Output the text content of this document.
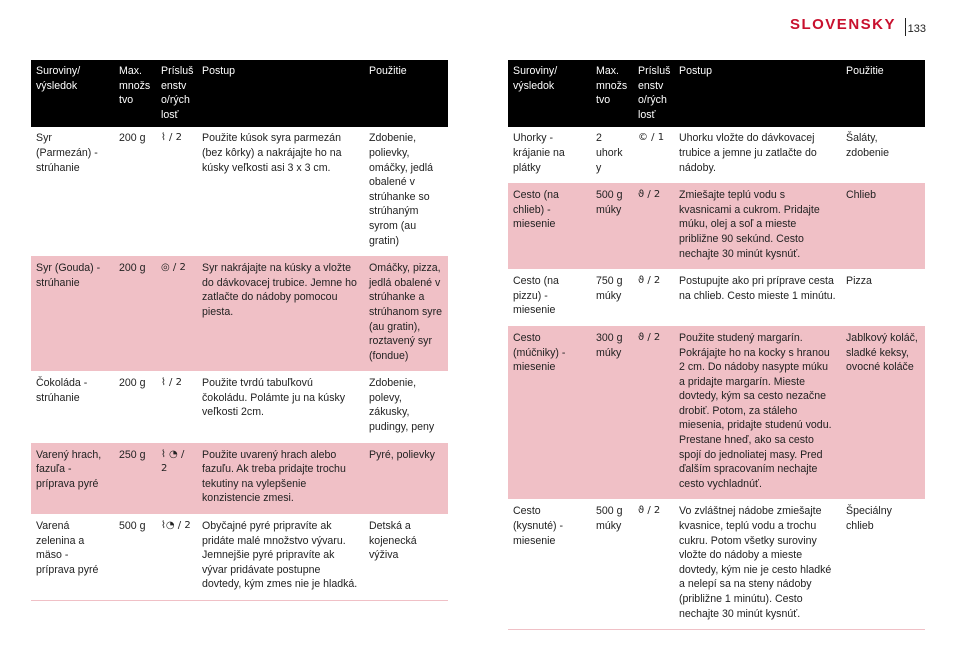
SLOVENSKY 133
Suroviny/ výsledok	Max. množs tvo	Prísluš enstv o/rých losť	Postup	Použitie
Syr (Parmezán) - strúhanie	200 g	⌇ / 2	Použite kúsok syra parmezán (bez kôrky) a nakrájajte ho na kúsky veľkosti asi 3 x 3 cm.	Zdobenie, polievky, omáčky, jedlá obalené v strúhanke so strúhaným syrom (au gratin)
Syr (Gouda) - strúhanie	200 g	◎ / 2	Syr nakrájajte na kúsky a vložte do dávkovacej trubice. Jemne ho zatlačte do nádoby pomocou piesta.	Omáčky, pizza, jedlá obalené v strúhanke a strúhanom syre (au gratin), roztavený syr (fondue)
Čokoláda - strúhanie	200 g	⌇ / 2	Použite tvrdú tabuľkovú čokoládu. Polámte ju na kúsky veľkosti 2cm.	Zdobenie, polevy, zákusky, pudingy, peny
Varený hrach, fazuľa - príprava pyré	250 g	⌇ ◔ / 2	Použite uvarený hrach alebo fazuľu. Ak treba pridajte trochu tekutiny na vylepšenie konzistencie zmesi.	Pyré, polievky
Varená zelenina a mäso - príprava pyré	500 g	⌇◔ / 2	Obyčajné pyré pripravíte ak pridáte malé množstvo vývaru. Jemnejšie pyré pripravíte ak vývar pridávate postupne dovtedy, kým zmes nie je hladká.	Detská a kojenecká výživa
Suroviny/ výsledok	Max. množs tvo	Prísluš enstv o/rých losť	Postup	Použitie
Uhorky - krájanie na plátky	2 uhork y	© / 1	Uhorku vložte do dávkovacej trubice a jemne ju zatlačte do nádoby.	Šaláty, zdobenie
Cesto (na chlieb) - miesenie	500 g múky	ϑ / 2	Zmiešajte teplú vodu s kvasnicami a cukrom. Pridajte múku, olej a soľ a mieste približne 90 sekúnd. Cesto nechajte 30 minút kysnúť.	Chlieb
Cesto (na pizzu) - miesenie	750 g múky	ϑ / 2	Postupujte ako pri príprave cesta na chlieb. Cesto mieste 1 minútu.	Pizza
Cesto (múčniky) - miesenie	300 g múky	ϑ / 2	Použite studený margarín. Pokrájajte ho na kocky s hranou 2 cm. Do nádoby nasypte múku a pridajte margarín. Mieste dovtedy, kým sa cesto nezačne drobiť. Potom, za stáleho miesenia, pridajte studenú vodu. Prestane hneď, ako sa cesto spojí do jednoliatej masy. Pred ďalším spracovaním nechajte cesto vychladnúť.	Jablkový koláč, sladké keksy, ovocné koláče
Cesto (kysnuté) - miesenie	500 g múky	ϑ / 2	Vo zvláštnej nádobe zmiešajte kvasnice, teplú vodu a trochu cukru. Potom všetky suroviny vložte do nádoby a mieste dovtedy, kým nie je cesto hladké a nelepí sa na steny nádoby (približne 1 minútu). Cesto nechajte 30 minút kysnúť.	Špeciálny chlieb
